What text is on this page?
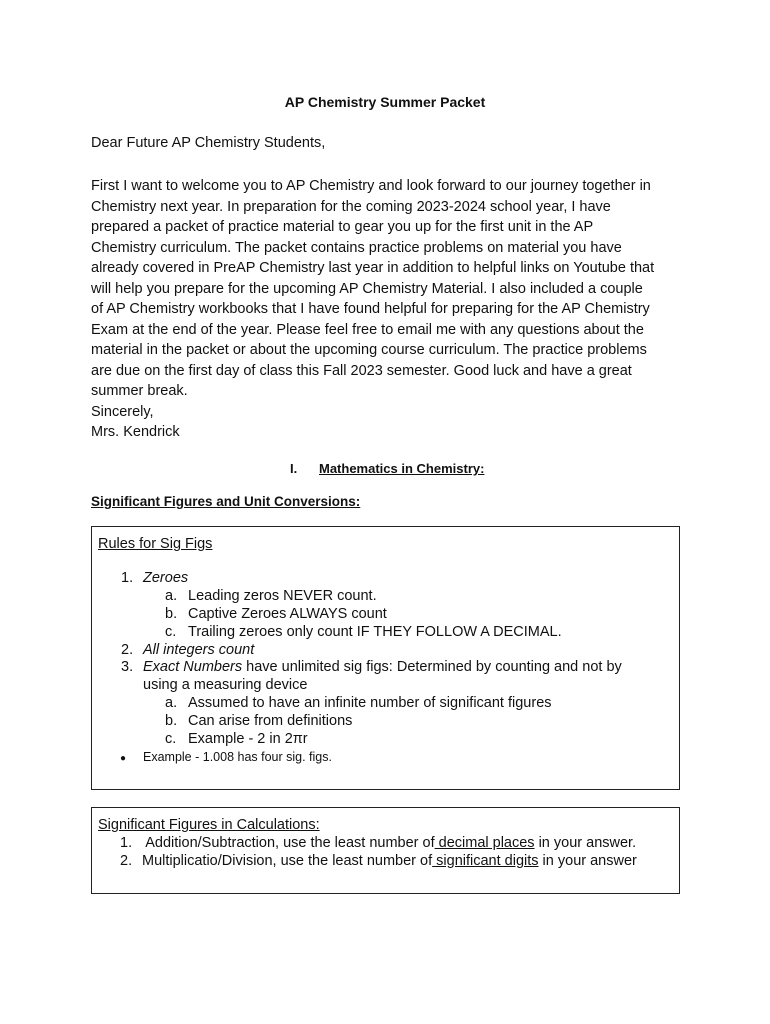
AP Chemistry Summer Packet
Dear Future AP Chemistry Students,
First I want to welcome you to AP Chemistry and look forward to our journey together in
Chemistry next year. In preparation for the coming 2023-2024 school year, I have
prepared a packet of practice material to gear you up for the first unit in the AP
Chemistry curriculum. The packet contains practice problems on material you have
already covered in PreAP Chemistry last year in addition to helpful links on Youtube that
will help you prepare for the upcoming AP Chemistry Material. I also included a couple
of AP Chemistry workbooks that I have found helpful for preparing for the AP Chemistry
Exam at the end of the year. Please feel free to email me with any questions about the
material in the packet or about the upcoming course curriculum. The practice problems
are due on the first day of class this Fall 2023 semester. Good luck and have a great
summer break.
Sincerely,
Mrs. Kendrick
I. Mathematics in Chemistry:
Significant Figures and Unit Conversions:
Rules for Sig Figs
1. Zeroes
a. Leading zeros NEVER count.
b. Captive Zeroes ALWAYS count
c. Trailing zeroes only count IF THEY FOLLOW A DECIMAL.
2. All integers count
3. Exact Numbers have unlimited sig figs: Determined by counting and not by
using a measuring device
a. Assumed to have an infinite number of significant figures
b. Can arise from definitions
c. Example - 2 in 2πr
● Example - 1.008 has four sig. figs.
Significant Figures in Calculations:
1. Addition/Subtraction, use the least number of decimal places in your answer.
2. Multiplicatio/Division, use the least number of significant digits in your answer
